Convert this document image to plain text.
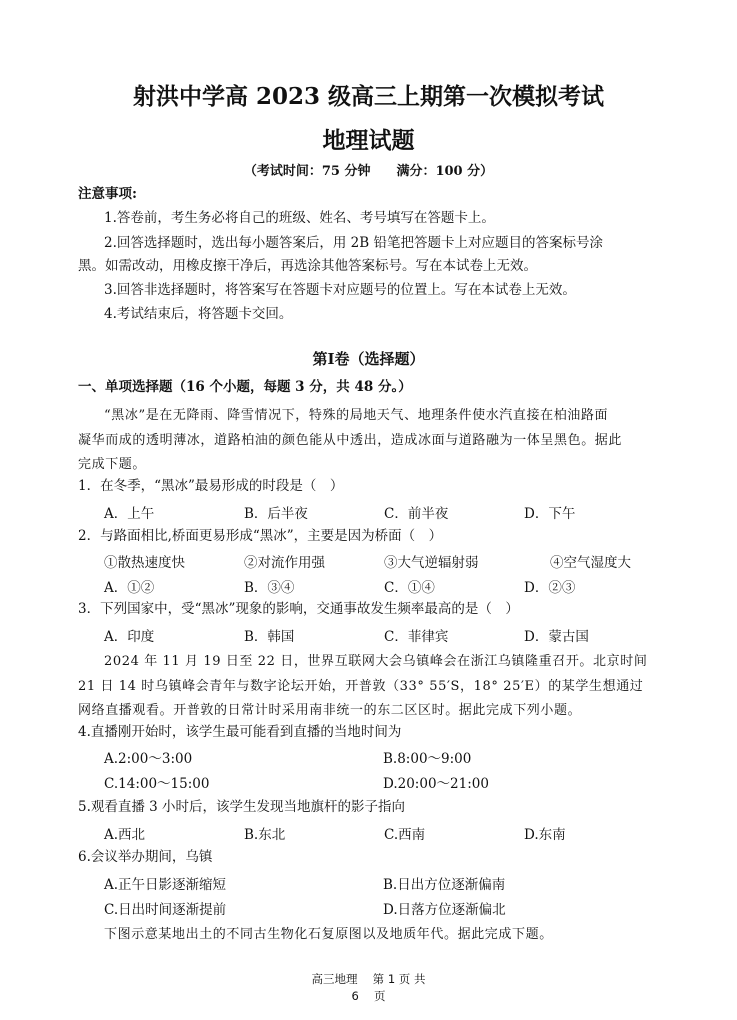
射洪中学高 2023 级高三上期第一次模拟考试
地理试题
（考试时间：75 分钟 满分：100 分）
注意事项:
1.答卷前，考生务必将自己的班级、姓名、考号填写在答题卡上。
2.回答选择题时，选出每小题答案后，用 2B 铅笔把答题卡上对应题目的答案标号涂
黑。如需改动，用橡皮擦干净后，再选涂其他答案标号。写在本试卷上无效。
3.回答非选择题时，将答案写在答题卡对应题号的位置上。写在本试卷上无效。
4.考试结束后，将答题卡交回。
第Ⅰ卷（选择题）
一、单项选择题（16 个小题，每题 3 分，共 48 分。）
“黑冰”是在无降雨、降雪情况下，特殊的局地天气、地理条件使水汽直接在柏油路面
凝华而成的透明薄冰，道路柏油的颜色能从中透出，造成冰面与道路融为一体呈黑色。据此
完成下题。
1．在冬季，“黑冰”最易形成的时段是（　）
A．上午	B．后半夜	C．前半夜	D．下午
2．与路面相比,桥面更易形成“黑冰”，主要是因为桥面（　）
①散热速度快	②对流作用强	③大气逆辐射弱	④空气湿度大
A．①②	B．③④	C．①④	D．②③
3．下列国家中，受“黑冰”现象的影响，交通事故发生频率最高的是（　）
A．印度	B．韩国	C．菲律宾	D．蒙古国
2024 年 11 月 19 日至 22 日，世界互联网大会乌镇峰会在浙江乌镇隆重召开。北京时间
21 日 14 时乌镇峰会青年与数字论坛开始，开普敦（33° 55′S，18° 25′E）的某学生想通过
网络直播观看。开普敦的日常计时采用南非统一的东二区区时。据此完成下列小题。
4.直播刚开始时，该学生最可能看到直播的当地时间为
A.2:00～3:00	B.8:00～9:00
C.14:00～15:00	D.20:00～21:00
5.观看直播 3 小时后，该学生发现当地旗杆的影子指向
A.西北	B.东北	C.西南	D.东南
6.会议举办期间，乌镇
A.正午日影逐渐缩短	B.日出方位逐渐偏南
C.日出时间逐渐提前	D.日落方位逐渐偏北
下图示意某地出土的不同古生物化石复原图以及地质年代。据此完成下题。
高三地理　 第 1 页 共
6　 页
